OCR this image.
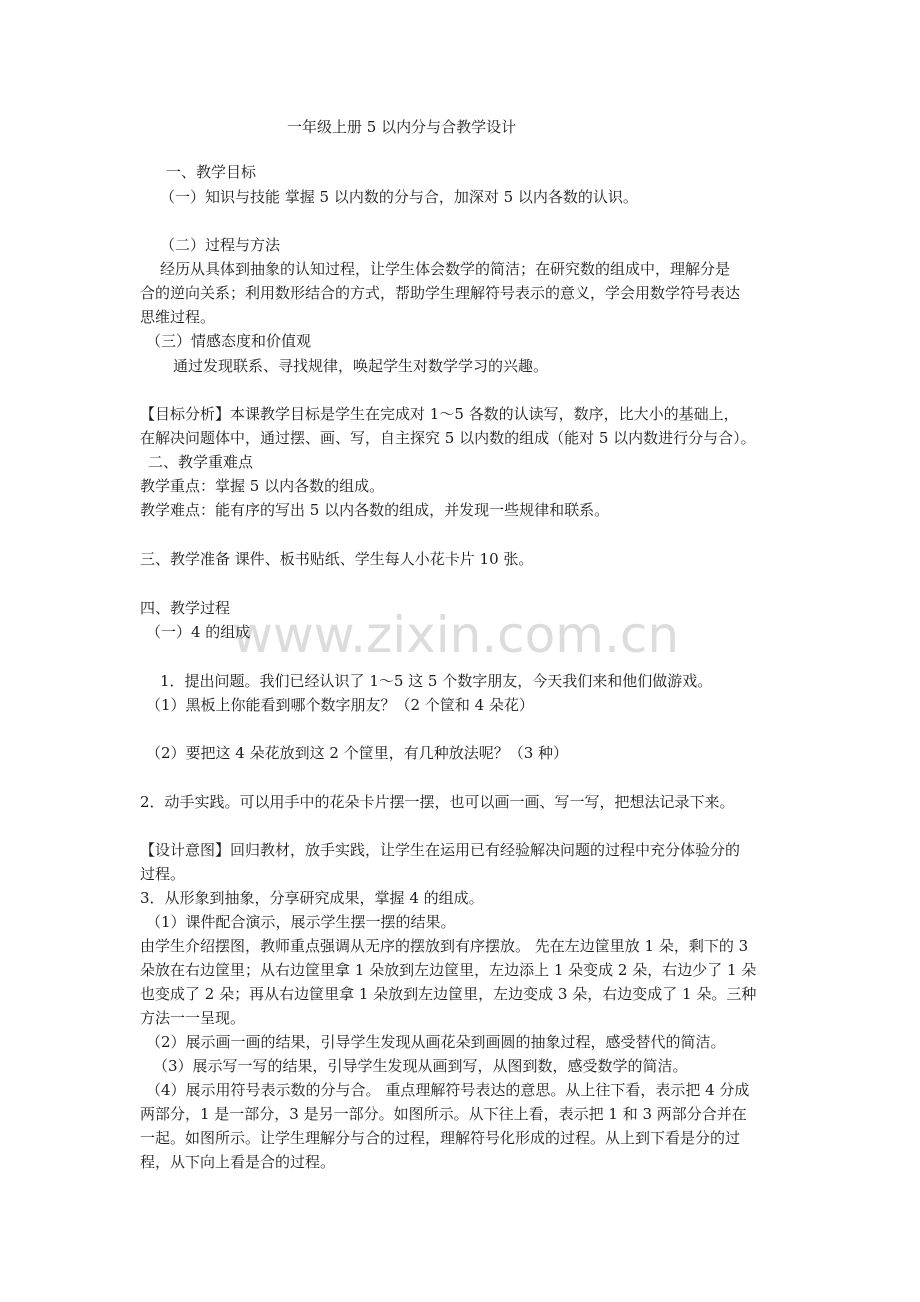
www.zixin.com.cn
一年级上册 5 以内分与合教学设计
一、教学目标
（一）知识与技能 掌握 5 以内数的分与合，加深对 5 以内各数的认识。
（二）过程与方法
经历从具体到抽象的认知过程，让学生体会数学的简洁；在研究数的组成中，理解分是
合的逆向关系；利用数形结合的方式，帮助学生理解符号表示的意义，学会用数学符号表达
思维过程。
（三）情感态度和价值观
通过发现联系、寻找规律，唤起学生对数学学习的兴趣。
【目标分析】本课教学目标是学生在完成对 1～5 各数的认读写，数序，比大小的基础上，
在解决问题体中，通过摆、画、写，自主探究 5 以内数的组成（能对 5 以内数进行分与合）。
二、教学重难点
教学重点：掌握 5 以内各数的组成。
教学难点：能有序的写出 5 以内各数的组成，并发现一些规律和联系。
三、教学准备 课件、板书贴纸、学生每人小花卡片 10 张。
四、教学过程
（一）4 的组成
1．提出问题。我们已经认识了 1～5 这 5 个数字朋友，今天我们来和他们做游戏。
（1）黑板上你能看到哪个数字朋友？（2 个筐和 4 朵花）
（2）要把这 4 朵花放到这 2 个筐里，有几种放法呢？（3 种）
2．动手实践。可以用手中的花朵卡片摆一摆，也可以画一画、写一写，把想法记录下来。
【设计意图】回归教材，放手实践，让学生在运用已有经验解决问题的过程中充分体验分的
过程。
3．从形象到抽象，分享研究成果，掌握 4 的组成。
（1）课件配合演示，展示学生摆一摆的结果。
由学生介绍摆图，教师重点强调从无序的摆放到有序摆放。 先在左边筐里放 1 朵，剩下的 3
朵放在右边筐里；从右边筐里拿 1 朵放到左边筐里，左边添上 1 朵变成 2 朵，右边少了 1 朵
也变成了 2 朵；再从右边筐里拿 1 朵放到左边筐里，左边变成 3 朵，右边变成了 1 朵。三种
方法一一呈现。
（2）展示画一画的结果，引导学生发现从画花朵到画圆的抽象过程，感受替代的简洁。
（3）展示写一写的结果，引导学生发现从画到写，从图到数，感受数学的简洁。
（4）展示用符号表示数的分与合。 重点理解符号表达的意思。从上往下看，表示把 4 分成
两部分，1 是一部分，3 是另一部分。如图所示。从下往上看，表示把 1 和 3 两部分合并在
一起。如图所示。让学生理解分与合的过程，理解符号化形成的过程。从上到下看是分的过
程，从下向上看是合的过程。
